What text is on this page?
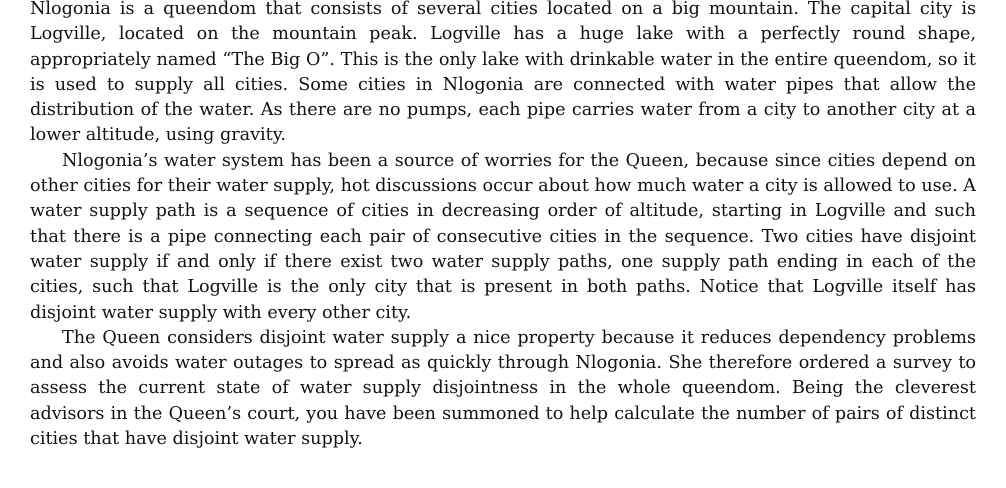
Nlogonia is a queendom that consists of several cities located on a big mountain. The capital city is Logville, located on the mountain peak. Logville has a huge lake with a perfectly round shape, appropriately named “The Big O”. This is the only lake with drinkable water in the entire queendom, so it is used to supply all cities. Some cities in Nlogonia are connected with water pipes that allow the distribution of the water. As there are no pumps, each pipe carries water from a city to another city at a lower altitude, using gravity.

Nlogonia’s water system has been a source of worries for the Queen, because since cities depend on other cities for their water supply, hot discussions occur about how much water a city is allowed to use. A water supply path is a sequence of cities in decreasing order of altitude, starting in Logville and such that there is a pipe connecting each pair of consecutive cities in the sequence. Two cities have disjoint water supply if and only if there exist two water supply paths, one supply path ending in each of the cities, such that Logville is the only city that is present in both paths. Notice that Logville itself has disjoint water supply with every other city.

The Queen considers disjoint water supply a nice property because it reduces dependency problems and also avoids water outages to spread as quickly through Nlogonia. She therefore ordered a survey to assess the current state of water supply disjointness in the whole queendom. Being the cleverest advisors in the Queen’s court, you have been summoned to help calculate the number of pairs of distinct cities that have disjoint water supply.
